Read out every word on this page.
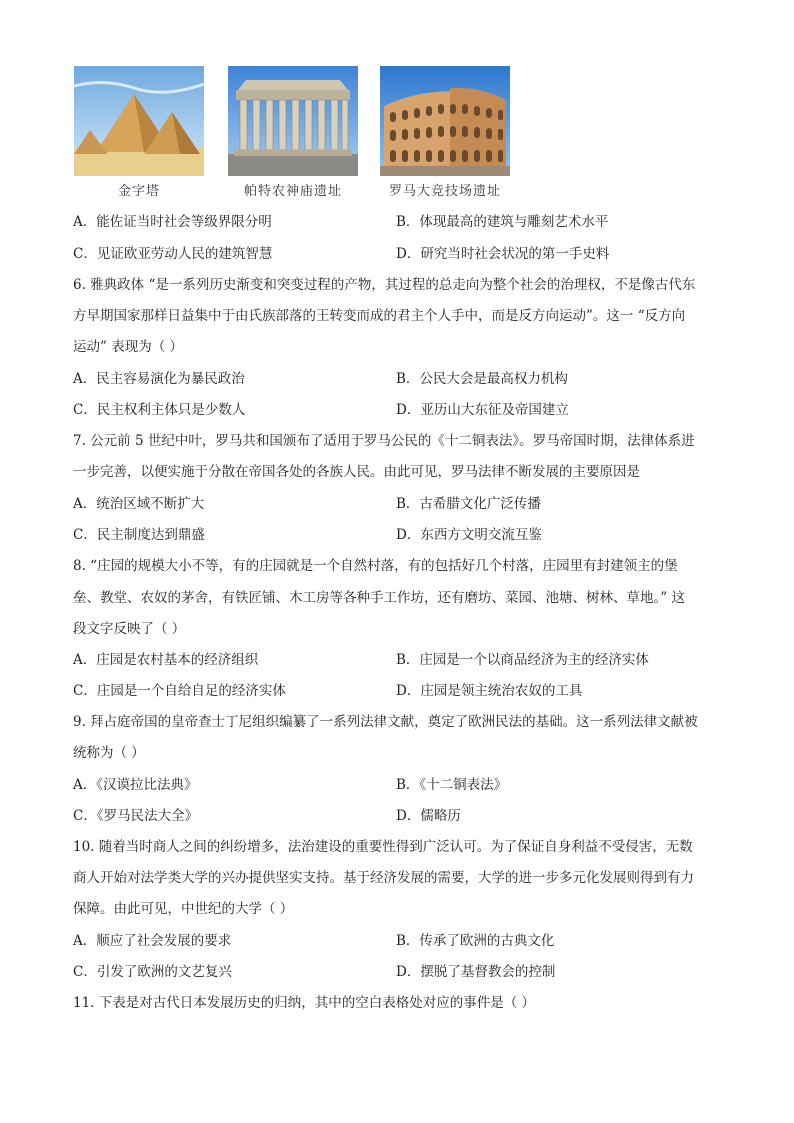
金字塔	帕特农神庙遗址	罗马大竞技场遗址
A．能佐证当时社会等级界限分明	B．体现最高的建筑与雕刻艺术水平
C．见证欧亚劳动人民的建筑智慧	D．研究当时社会状况的第一手史料
6. 雅典政体 “是一系列历史渐变和突变过程的产物，其过程的总走向为整个社会的治理权，不是像古代东
方早期国家那样日益集中于由氏族部落的王转变而成的君主个人手中，而是反方向运动”。这一 “反方向
运动” 表现为（ ）
A．民主容易演化为暴民政治	B．公民大会是最高权力机构
C．民主权利主体只是少数人	D．亚历山大东征及帝国建立
7. 公元前 5 世纪中叶，罗马共和国颁布了适用于罗马公民的《十二铜表法》。罗马帝国时期，法律体系进
一步完善，以便实施于分散在帝国各处的各族人民。由此可见，罗马法律不断发展的主要原因是
A．统治区域不断扩大	B．古希腊文化广泛传播
C．民主制度达到鼎盛	D．东西方文明交流互鉴
8. “庄园的规模大小不等，有的庄园就是一个自然村落，有的包括好几个村落，庄园里有封建领主的堡
垒、教堂、农奴的茅舍，有铁匠铺、木工房等各种手工作坊，还有磨坊、菜园、池塘、树林、草地。” 这
段文字反映了（ ）
A．庄园是农村基本的经济组织	B．庄园是一个以商品经济为主的经济实体
C．庄园是一个自给自足的经济实体	D．庄园是领主统治农奴的工具
9. 拜占庭帝国的皇帝查士丁尼组织编纂了一系列法律文献，奠定了欧洲民法的基础。这一系列法律文献被
统称为（ ）
A．《汉谟拉比法典》	B．《十二铜表法》
C．《罗马民法大全》	D．儒略历
10. 随着当时商人之间的纠纷增多，法治建设的重要性得到广泛认可。为了保证自身利益不受侵害，无数
商人开始对法学类大学的兴办提供坚实支持。基于经济发展的需要，大学的进一步多元化发展则得到有力
保障。由此可见，中世纪的大学（ ）
A．顺应了社会发展的要求	B．传承了欧洲的古典文化
C．引发了欧洲的文艺复兴	D．摆脱了基督教会的控制
11. 下表是对古代日本发展历史的归纳，其中的空白表格处对应的事件是（ ）
